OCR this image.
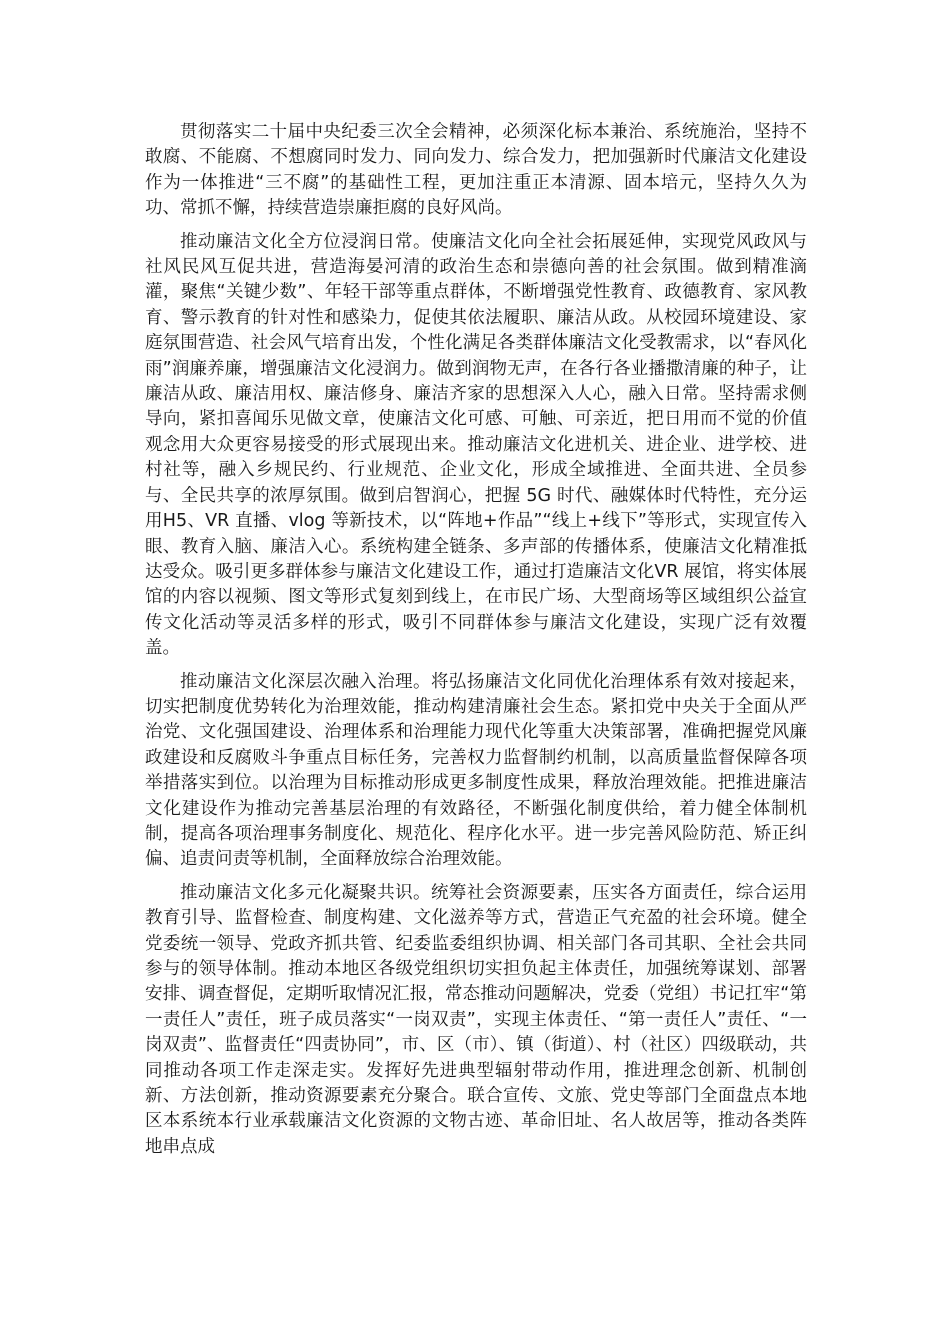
贯彻落实二十届中央纪委三次全会精神，必须深化标本兼治、系统施治，坚持不敢腐、不能腐、不想腐同时发力、同向发力、综合发力，把加强新时代廉洁文化建设作为一体推进“三不腐”的基础性工程，更加注重正本清源、固本培元，坚持久久为功、常抓不懈，持续营造崇廉拒腐的良好风尚。

推动廉洁文化全方位浸润日常。使廉洁文化向全社会拓展延伸，实现党风政风与社风民风互促共进，营造海晏河清的政治生态和崇德向善的社会氛围。做到精准滴灌，聚焦“关键少数”、年轻干部等重点群体，不断增强党性教育、政德教育、家风教育、警示教育的针对性和感染力，促使其依法履职、廉洁从政。从校园环境建设、家庭氛围营造、社会风气培育出发，个性化满足各类群体廉洁文化受教需求，以“春风化雨”润廉养廉，增强廉洁文化浸润力。做到润物无声，在各行各业播撒清廉的种子，让廉洁从政、廉洁用权、廉洁修身、廉洁齐家的思想深入人心，融入日常。坚持需求侧导向，紧扣喜闻乐见做文章，使廉洁文化可感、可触、可亲近，把日用而不觉的价值观念用大众更容易接受的形式展现出来。推动廉洁文化进机关、进企业、进学校、进村社等，融入乡规民约、行业规范、企业文化，形成全域推进、全面共进、全员参与、全民共享的浓厚氛围。做到启智润心，把握 5G 时代、融媒体时代特性，充分运用H5、VR 直播、vlog 等新技术，以“阵地+作品”“线上+线下”等形式，实现宣传入眼、教育入脑、廉洁入心。系统构建全链条、多声部的传播体系，使廉洁文化精准抵达受众。吸引更多群体参与廉洁文化建设工作，通过打造廉洁文化VR 展馆，将实体展馆的内容以视频、图文等形式复刻到线上，在市民广场、大型商场等区域组织公益宣传文化活动等灵活多样的形式，吸引不同群体参与廉洁文化建设，实现广泛有效覆盖。

推动廉洁文化深层次融入治理。将弘扬廉洁文化同优化治理体系有效对接起来，切实把制度优势转化为治理效能，推动构建清廉社会生态。紧扣党中央关于全面从严治党、文化强国建设、治理体系和治理能力现代化等重大决策部署，准确把握党风廉政建设和反腐败斗争重点目标任务，完善权力监督制约机制，以高质量监督保障各项举措落实到位。以治理为目标推动形成更多制度性成果，释放治理效能。把推进廉洁文化建设作为推动完善基层治理的有效路径，不断强化制度供给，着力健全体制机制，提高各项治理事务制度化、规范化、程序化水平。进一步完善风险防范、矫正纠偏、追责问责等机制，全面释放综合治理效能。

推动廉洁文化多元化凝聚共识。统筹社会资源要素，压实各方面责任，综合运用教育引导、监督检查、制度构建、文化滋养等方式，营造正气充盈的社会环境。健全党委统一领导、党政齐抓共管、纪委监委组织协调、相关部门各司其职、全社会共同参与的领导体制。推动本地区各级党组织切实担负起主体责任，加强统筹谋划、部署安排、调查督促，定期听取情况汇报，常态推动问题解决，党委（党组）书记扛牢“第一责任人”责任，班子成员落实“一岗双责”，实现主体责任、“第一责任人”责任、“一岗双责”、监督责任“四责协同”，市、区（市）、镇（街道）、村（社区）四级联动，共同推动各项工作走深走实。发挥好先进典型辐射带动作用，推进理念创新、机制创新、方法创新，推动资源要素充分聚合。联合宣传、文旅、党史等部门全面盘点本地区本系统本行业承载廉洁文化资源的文物古迹、革命旧址、名人故居等，推动各类阵地串点成
